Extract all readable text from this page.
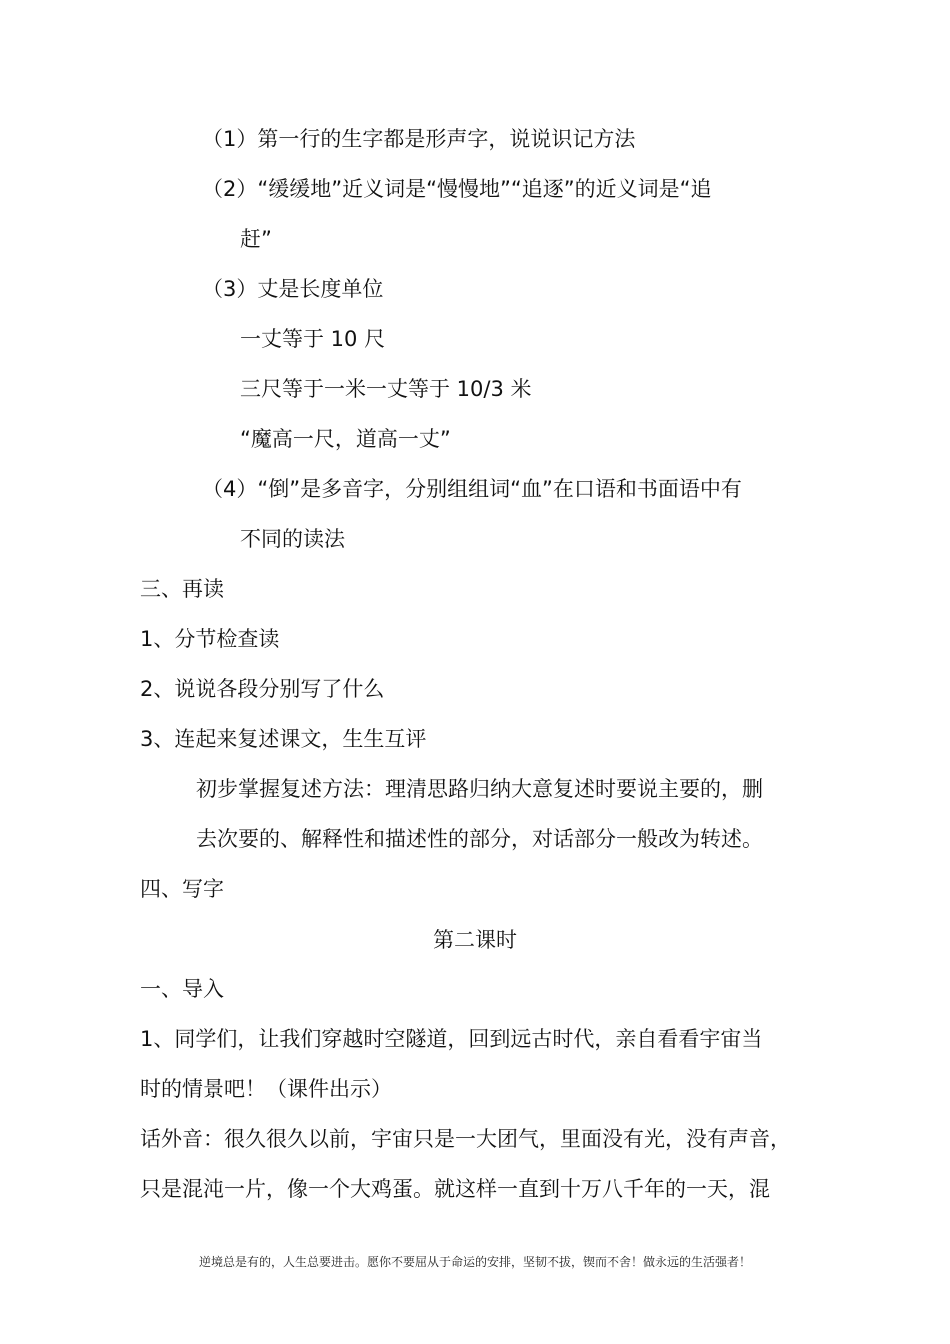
（1）第一行的生字都是形声字，说说识记方法

（2）“缓缓地”近义词是“慢慢地”“追逐”的近义词是“追

赶”

（3）丈是长度单位

一丈等于 10 尺

三尺等于一米一丈等于 10/3 米

“魔高一尺，道高一丈”

（4）“倒”是多音字，分别组组词“血”在口语和书面语中有

不同的读法

三、再读

1、分节检查读

2、说说各段分别写了什么

3、连起来复述课文，生生互评

初步掌握复述方法：理清思路归纳大意复述时要说主要的，删

去次要的、解释性和描述性的部分，对话部分一般改为转述。

四、写字

第二课时

一、导入

1、同学们，让我们穿越时空隧道，回到远古时代，亲自看看宇宙当

时的情景吧！（课件出示）

话外音：很久很久以前，宇宙只是一大团气，里面没有光，没有声音，

只是混沌一片，像一个大鸡蛋。就这样一直到十万八千年的一天，混

逆境总是有的，人生总要进击。愿你不要屈从于命运的安排，坚韧不拔，锲而不舍！做永远的生活强者！
